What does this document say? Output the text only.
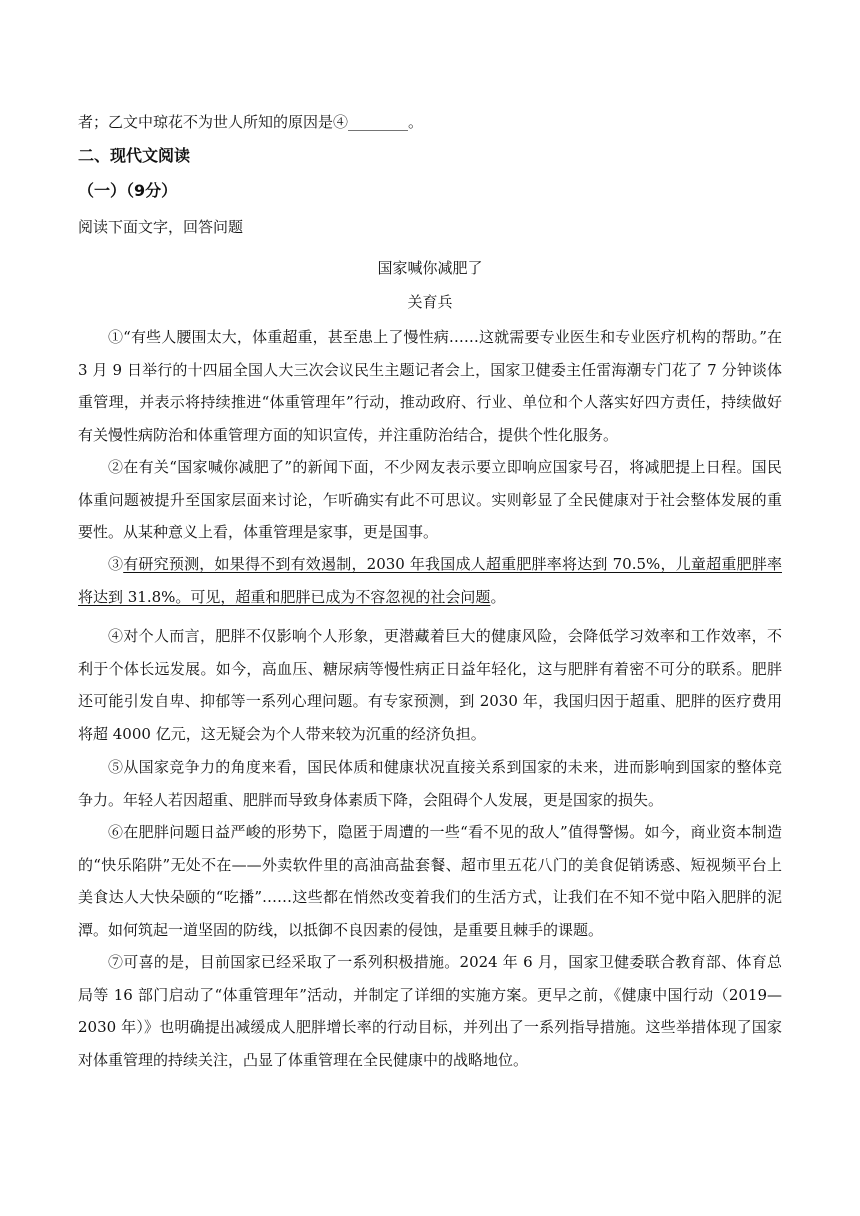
者；乙文中琼花不为世人所知的原因是④________。
二、现代文阅读
（一）（9分）
阅读下面文字，回答问题
国家喊你减肥了
关育兵

①“有些人腰围太大，体重超重，甚至患上了慢性病……这就需要专业医生和专业医疗机构的帮助。”在 3 月 9 日举行的十四届全国人大三次会议民生主题记者会上，国家卫健委主任雷海潮专门花了 7 分钟谈体重管理，并表示将持续推进“体重管理年”行动，推动政府、行业、单位和个人落实好四方责任，持续做好有关慢性病防治和体重管理方面的知识宣传，并注重防治结合，提供个性化服务。

②在有关“国家喊你减肥了”的新闻下面，不少网友表示要立即响应国家号召，将减肥提上日程。国民体重问题被提升至国家层面来讨论，乍听确实有此不可思议。实则彰显了全民健康对于社会整体发展的重要性。从某种意义上看，体重管理是家事，更是国事。

③有研究预测，如果得不到有效遏制，2030 年我国成人超重肥胖率将达到 70.5%，儿童超重肥胖率将达到 31.8%。可见，超重和肥胖已成为不容忽视的社会问题。

④对个人而言，肥胖不仅影响个人形象，更潜藏着巨大的健康风险，会降低学习效率和工作效率，不利于个体长远发展。如今，高血压、糖尿病等慢性病正日益年轻化，这与肥胖有着密不可分的联系。肥胖还可能引发自卑、抑郁等一系列心理问题。有专家预测，到 2030 年，我国归因于超重、肥胖的医疗费用将超 4000 亿元，这无疑会为个人带来较为沉重的经济负担。

⑤从国家竞争力的角度来看，国民体质和健康状况直接关系到国家的未来，进而影响到国家的整体竞争力。年轻人若因超重、肥胖而导致身体素质下降，会阻碍个人发展，更是国家的损失。

⑥在肥胖问题日益严峻的形势下，隐匿于周遭的一些“看不见的敌人”值得警惕。如今，商业资本制造的“快乐陷阱”无处不在——外卖软件里的高油高盐套餐、超市里五花八门的美食促销诱惑、短视频平台上美食达人大快朵颐的“吃播”……这些都在悄然改变着我们的生活方式，让我们在不知不觉中陷入肥胖的泥潭。如何筑起一道坚固的防线，以抵御不良因素的侵蚀，是重要且棘手的课题。

⑦可喜的是，目前国家已经采取了一系列积极措施。2024 年 6 月，国家卫健委联合教育部、体育总局等 16 部门启动了“体重管理年”活动，并制定了详细的实施方案。更早之前，《健康中国行动（2019—2030 年）》也明确提出减缓成人肥胖增长率的行动目标，并列出了一系列指导措施。这些举措体现了国家对体重管理的持续关注，凸显了体重管理在全民健康中的战略地位。
